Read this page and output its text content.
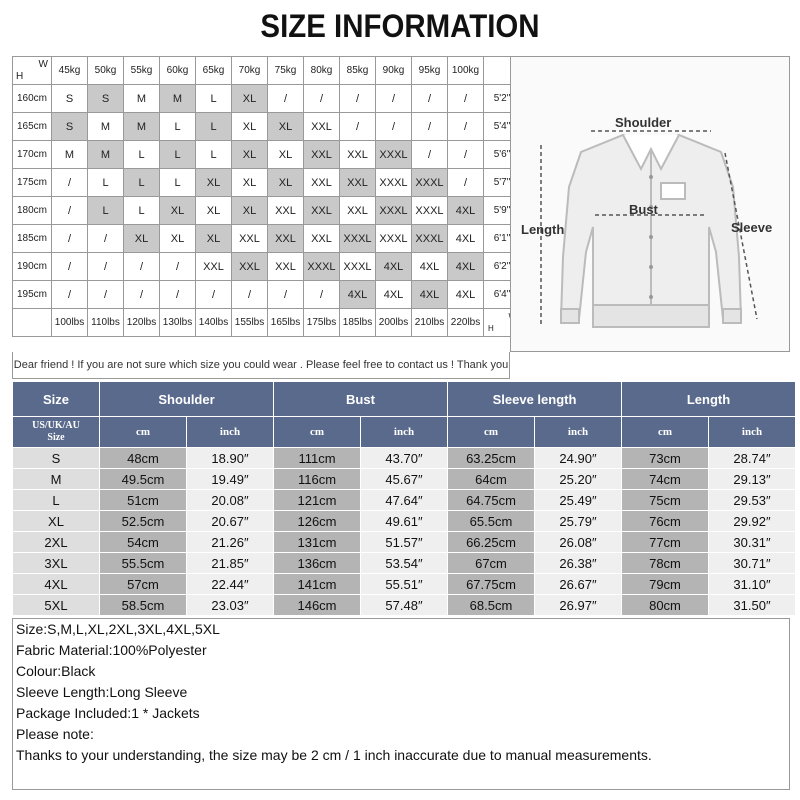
SIZE INFORMATION
H
W	45kg	50kg	55kg	60kg	65kg	70kg	75kg	80kg	85kg	90kg	95kg	100kg	
160cm	S	S	M	M	L	XL	/	/	/	/	/	/	5'2"
165cm	S	M	M	L	L	XL	XL	XXL	/	/	/	/	5'4"
170cm	M	M	L	L	L	XL	XL	XXL	XXL	XXXL	/	/	5'6"
175cm	/	L	L	L	XL	XL	XL	XXL	XXL	XXXL	XXXL	/	5'7"
180cm	/	L	L	XL	XL	XL	XXL	XXL	XXL	XXXL	XXXL	4XL	5'9"
185cm	/	/	XL	XL	XL	XXL	XXL	XXL	XXXL	XXXL	XXXL	4XL	6'1"
190cm	/	/	/	/	XXL	XXL	XXL	XXXL	XXXL	4XL	4XL	4XL	6'2"
195cm	/	/	/	/	/	/	/	/	4XL	4XL	4XL	4XL	6'4"
	100lbs	110lbs	120lbs	130lbs	140lbs	155lbs	165lbs	175lbs	185lbs	200lbs	210lbs	220lbs	H
Dear friend ! If you are not sure which size you could wear . Please feel free to contact us ! Thank you
Shoulder
Bust
Length	Sleeve
Size	Shoulder		Bust		Sleeve length		Length	

US/UK/AU
Size	cm	inch	cm	inch	cm	inch	cm	inch
S	48cm	18.90″	111cm	43.70″	63.25cm	24.90″	73cm	28.74″
M	49.5cm	19.49″	116cm	45.67″	64cm	25.20″	74cm	29.13″
L	51cm	20.08″	121cm	47.64″	64.75cm	25.49″	75cm	29.53″
XL	52.5cm	20.67″	126cm	49.61″	65.5cm	25.79″	76cm	29.92″
2XL	54cm	21.26″	131cm	51.57″	66.25cm	26.08″	77cm	30.31″
3XL	55.5cm	21.85″	136cm	53.54″	67cm	26.38″	78cm	30.71″
4XL	57cm	22.44″	141cm	55.51″	67.75cm	26.67″	79cm	31.10″
5XL	58.5cm	23.03″	146cm	57.48″	68.5cm	26.97″	80cm	31.50″
Size:S,M,L,XL,2XL,3XL,4XL,5XL
Fabric Material:100%Polyester
Colour:Black
Sleeve Length:Long Sleeve
Package Included:1 * Jackets
Please note:
Thanks to your understanding, the size may be 2 cm / 1 inch inaccurate due to manual measurements.
